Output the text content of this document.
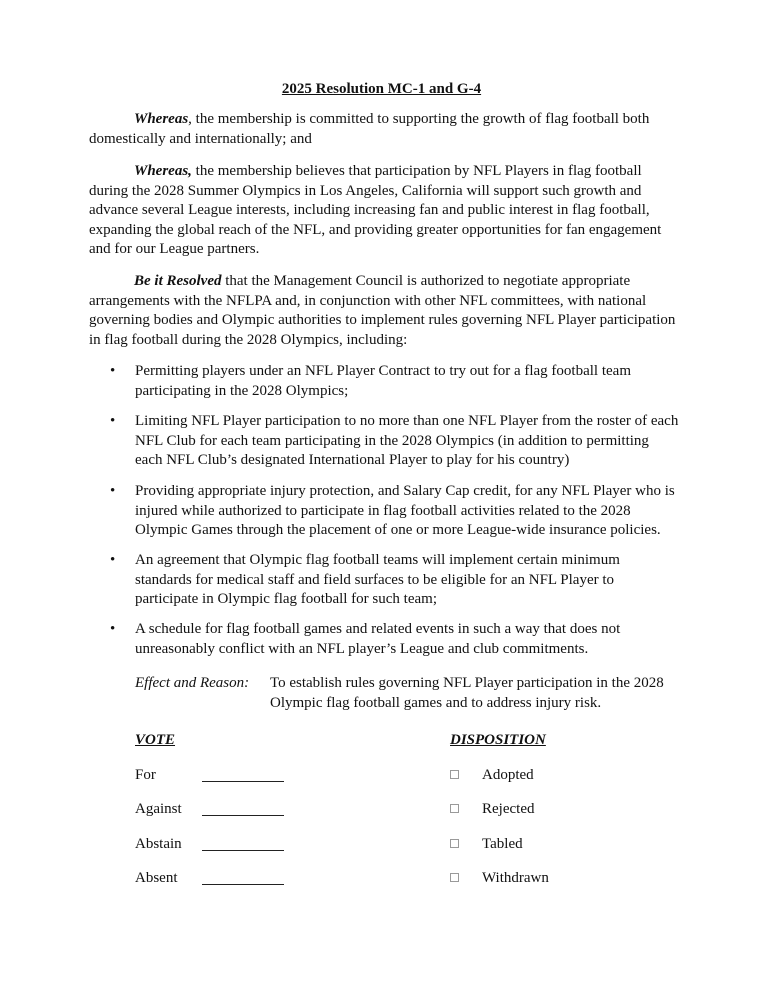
2025 Resolution MC-1 and G-4

Whereas, the membership is committed to supporting the growth of flag football both domestically and internationally; and

Whereas, the membership believes that participation by NFL Players in flag football during the 2028 Summer Olympics in Los Angeles, California will support such growth and advance several League interests, including increasing fan and public interest in flag football, expanding the global reach of the NFL, and providing greater opportunities for fan engagement and for our League partners.

Be it Resolved that the Management Council is authorized to negotiate appropriate arrangements with the NFLPA and, in conjunction with other NFL committees, with national governing bodies and Olympic authorities to implement rules governing NFL Player participation in flag football during the 2028 Olympics, including:

•	Permitting players under an NFL Player Contract to try out for a flag football team participating in the 2028 Olympics;
•	Limiting NFL Player participation to no more than one NFL Player from the roster of each NFL Club for each team participating in the 2028 Olympics (in addition to permitting each NFL Club’s designated International Player to play for his country)
•	Providing appropriate injury protection, and Salary Cap credit, for any NFL Player who is injured while authorized to participate in flag football activities related to the 2028 Olympic Games through the placement of one or more League-wide insurance policies.
•	An agreement that Olympic flag football teams will implement certain minimum standards for medical staff and field surfaces to be eligible for an NFL Player to participate in Olympic flag football for such team;
•	A schedule for flag football games and related events in such a way that does not unreasonably conflict with an NFL player’s League and club commitments.
Effect and Reason: To establish rules governing NFL Player participation in the 2028 Olympic flag football games and to address injury risk.
VOTE	DISPOSITION
For	Adopted
Against	Rejected
Abstain	Tabled
Absent	Withdrawn
